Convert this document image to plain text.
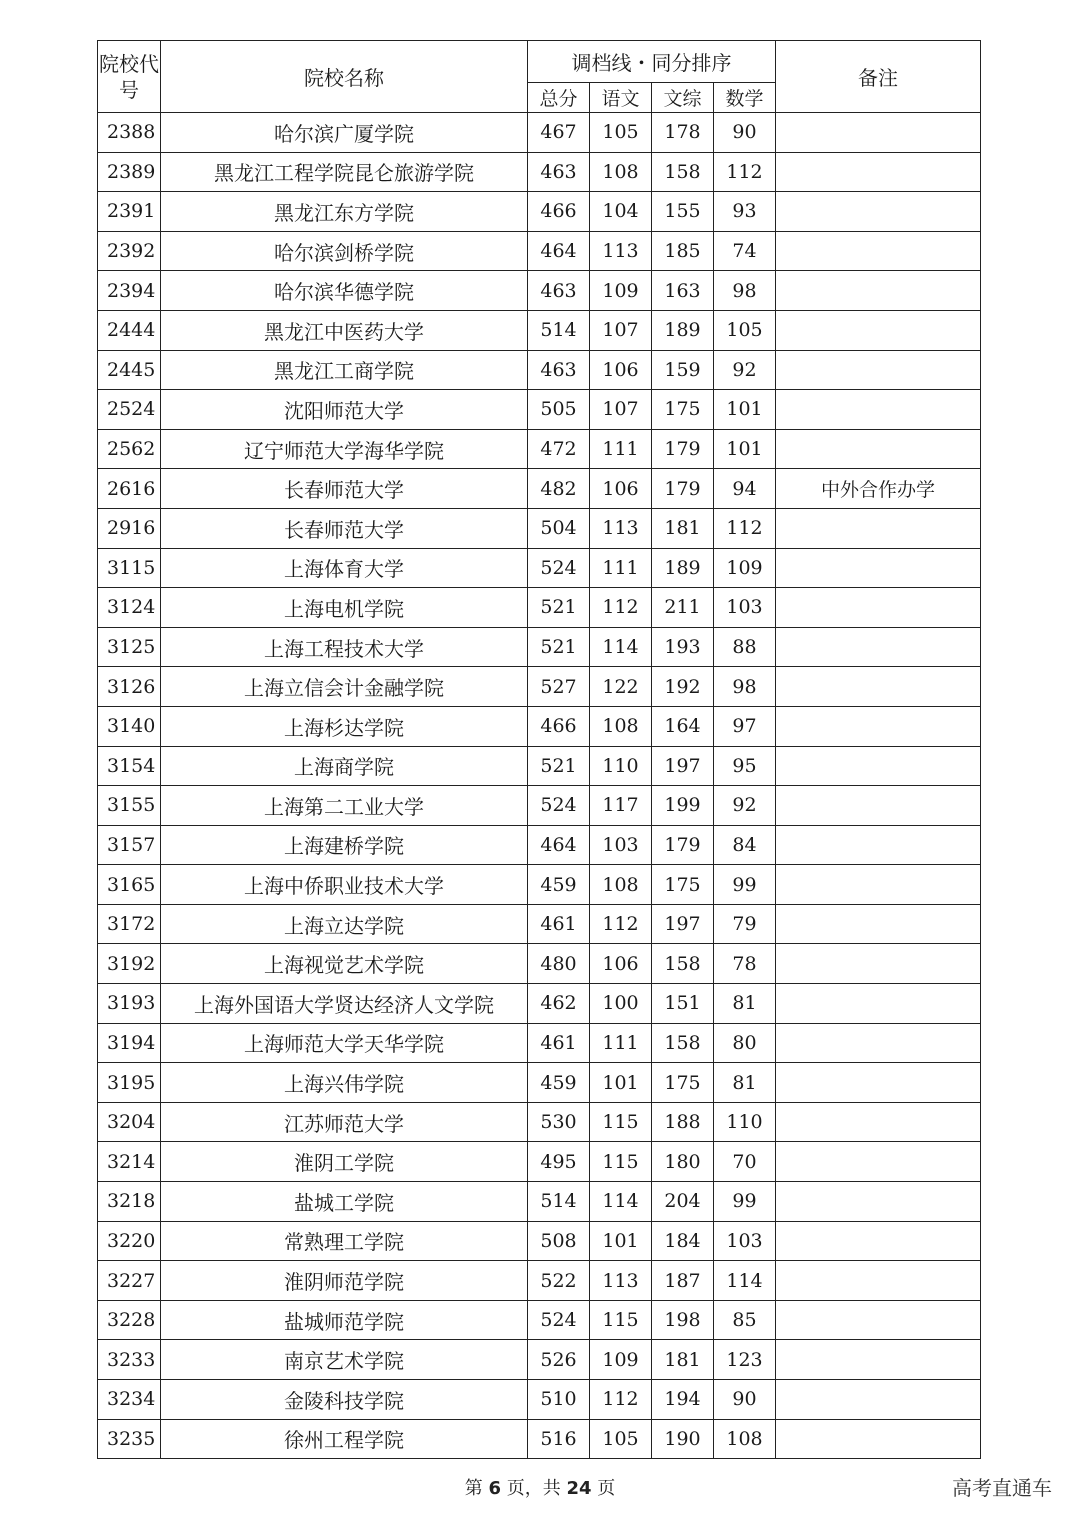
院校代号	院校名称	调档线・同分排序				备注
		总分	语文	文综	数学	
2388	哈尔滨广厦学院	467	105	178	90	
2389	黑龙江工程学院昆仑旅游学院	463	108	158	112	
2391	黑龙江东方学院	466	104	155	93	
2392	哈尔滨剑桥学院	464	113	185	74	
2394	哈尔滨华德学院	463	109	163	98	
2444	黑龙江中医药大学	514	107	189	105	
2445	黑龙江工商学院	463	106	159	92	
2524	沈阳师范大学	505	107	175	101	
2562	辽宁师范大学海华学院	472	111	179	101	
2616	长春师范大学	482	106	179	94	中外合作办学
2916	长春师范大学	504	113	181	112	
3115	上海体育大学	524	111	189	109	
3124	上海电机学院	521	112	211	103	
3125	上海工程技术大学	521	114	193	88	
3126	上海立信会计金融学院	527	122	192	98	
3140	上海杉达学院	466	108	164	97	
3154	上海商学院	521	110	197	95	
3155	上海第二工业大学	524	117	199	92	
3157	上海建桥学院	464	103	179	84	
3165	上海中侨职业技术大学	459	108	175	99	
3172	上海立达学院	461	112	197	79	
3192	上海视觉艺术学院	480	106	158	78	
3193	上海外国语大学贤达经济人文学院	462	100	151	81	
3194	上海师范大学天华学院	461	111	158	80	
3195	上海兴伟学院	459	101	175	81	
3204	江苏师范大学	530	115	188	110	
3214	淮阴工学院	495	115	180	70	
3218	盐城工学院	514	114	204	99	
3220	常熟理工学院	508	101	184	103	
3227	淮阴师范学院	522	113	187	114	
3228	盐城师范学院	524	115	198	85	
3233	南京艺术学院	526	109	181	123	
3234	金陵科技学院	510	112	194	90	
3235	徐州工程学院	516	105	190	108	
第 6 页，共 24 页	高考直通车
